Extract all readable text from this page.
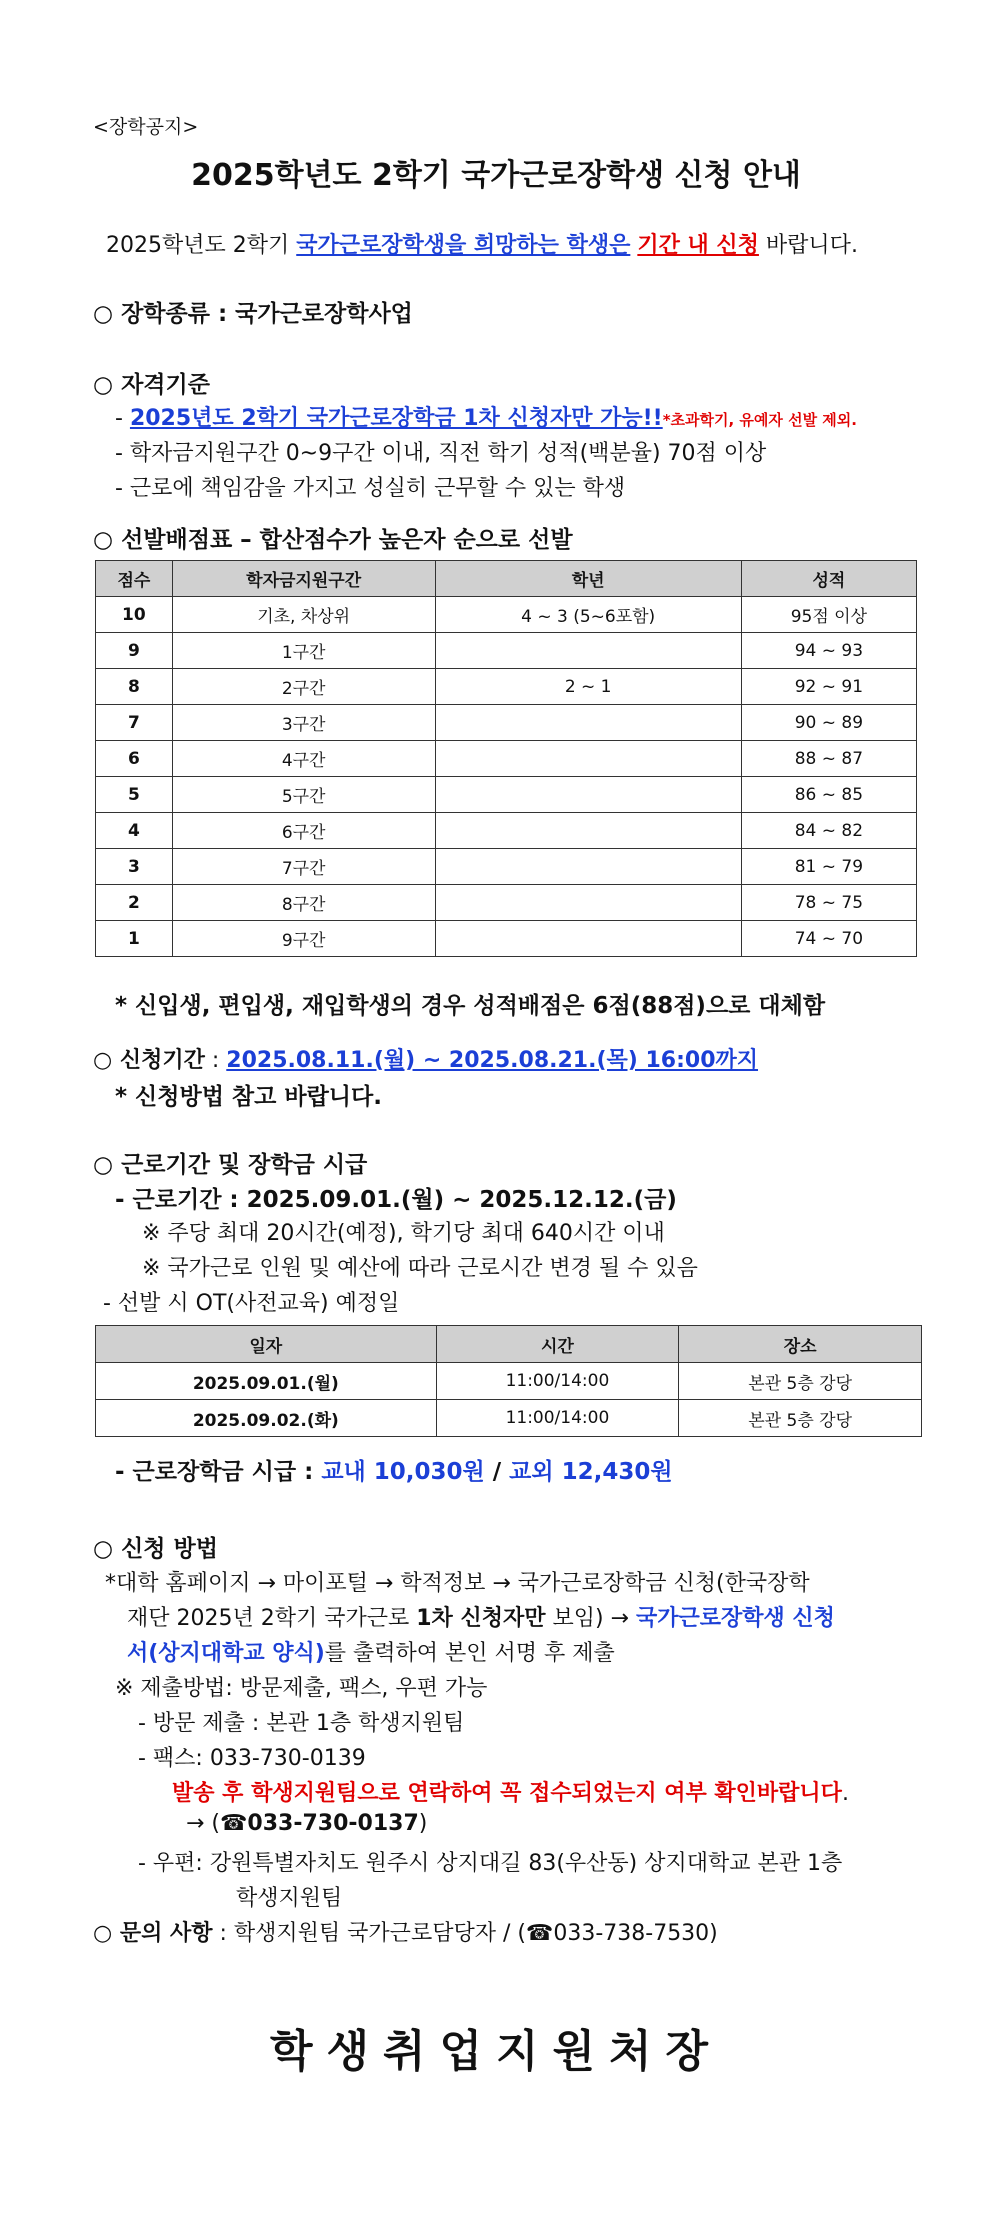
<장학공지>
2025학년도 2학기 국가근로장학생 신청 안내
2025학년도 2학기 국가근로장학생을 희망하는 학생은 기간 내 신청 바랍니다.
○ 장학종류 : 국가근로장학사업
○ 자격기준
- 2025년도 2학기 국가근로장학금 1차 신청자만 가능!!*초과학기, 유예자 선발 제외.
- 학자금지원구간 0~9구간 이내, 직전 학기 성적(백분율) 70점 이상
- 근로에 책임감을 가지고 성실히 근무할 수 있는 학생
○ 선발배점표 – 합산점수가 높은자 순으로 선발
점수	학자금지원구간	학년	성적
10	기초, 차상위	4 ~ 3 (5~6포함)	95점 이상
9	1구간		94 ~ 93
8	2구간	2 ~ 1	92 ~ 91
7	3구간		90 ~ 89
6	4구간		88 ~ 87
5	5구간		86 ~ 85
4	6구간		84 ~ 82
3	7구간		81 ~ 79
2	8구간		78 ~ 75
1	9구간		74 ~ 70
* 신입생, 편입생, 재입학생의 경우 성적배점은 6점(88점)으로 대체함
○ 신청기간 : 2025.08.11.(월) ~ 2025.08.21.(목) 16:00까지
* 신청방법 참고 바랍니다.
○ 근로기간 및 장학금 시급
- 근로기간 : 2025.09.01.(월) ~ 2025.12.12.(금)
※ 주당 최대 20시간(예정), 학기당 최대 640시간 이내
※ 국가근로 인원 및 예산에 따라 근로시간 변경 될 수 있음
- 선발 시 OT(사전교육) 예정일
일자	시간	장소
2025.09.01.(월)	11:00/14:00	본관 5층 강당
2025.09.02.(화)	11:00/14:00	본관 5층 강당
- 근로장학금 시급 : 교내 10,030원 / 교외 12,430원
○ 신청 방법
*대학 홈페이지 → 마이포털 → 학적정보 → 국가근로장학금 신청(한국장학
재단 2025년 2학기 국가근로 1차 신청자만 보임) → 국가근로장학생 신청
서(상지대학교 양식)를 출력하여 본인 서명 후 제출
※ 제출방법: 방문제출, 팩스, 우편 가능
- 방문 제출 : 본관 1층 학생지원팀
- 팩스: 033-730-0139
발송 후 학생지원팀으로 연락하여 꼭 접수되었는지 여부 확인바랍니다.
→ (☎033-730-0137)
- 우편: 강원특별자치도 원주시 상지대길 83(우산동) 상지대학교 본관 1층
학생지원팀
○ 문의 사항 : 학생지원팀 국가근로담당자 / (☎033-738-7530)
학생취업지원처장
